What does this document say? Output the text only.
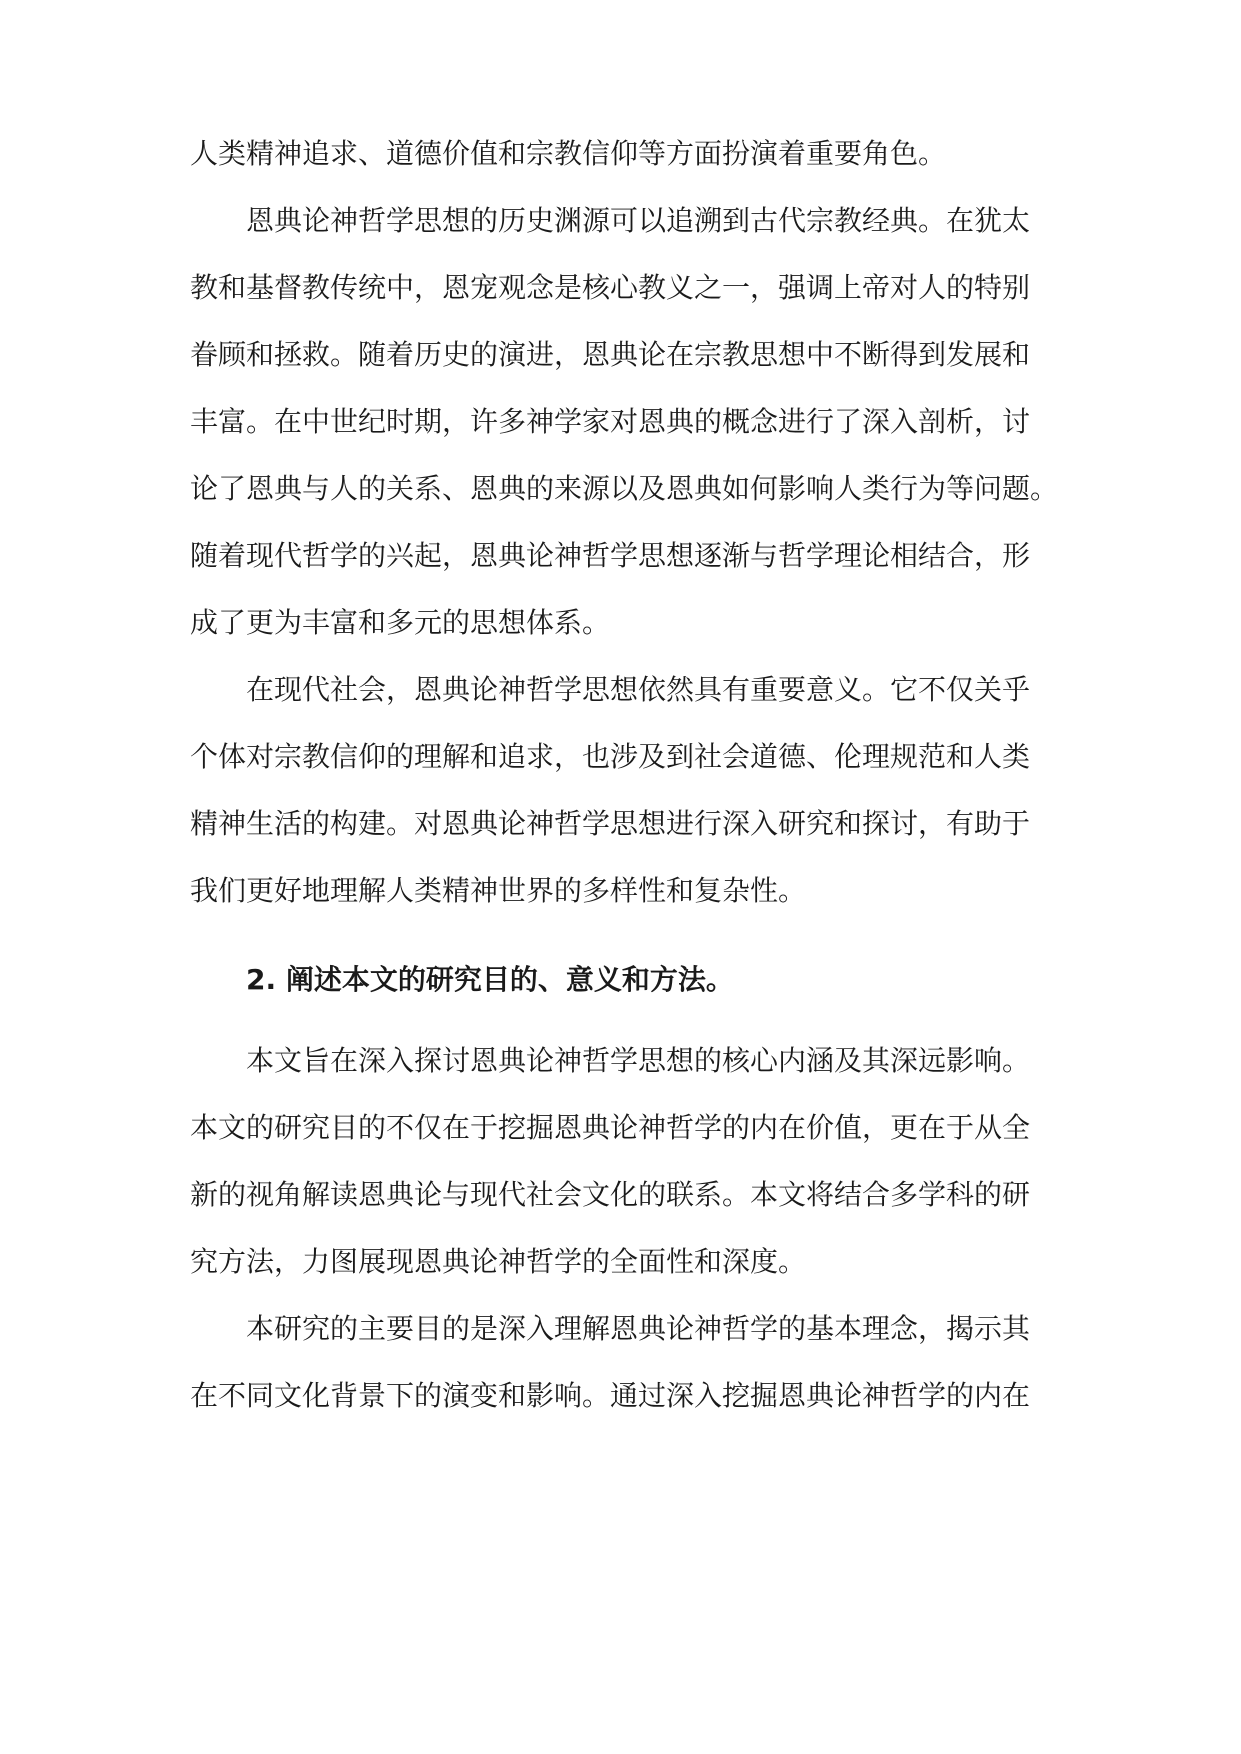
人类精神追求、道德价值和宗教信仰等方面扮演着重要角色。
恩典论神哲学思想的历史渊源可以追溯到古代宗教经典。在犹太
教和基督教传统中，恩宠观念是核心教义之一，强调上帝对人的特别
眷顾和拯救。随着历史的演进，恩典论在宗教思想中不断得到发展和
丰富。在中世纪时期，许多神学家对恩典的概念进行了深入剖析，讨
论了恩典与人的关系、恩典的来源以及恩典如何影响人类行为等问题。
随着现代哲学的兴起，恩典论神哲学思想逐渐与哲学理论相结合，形
成了更为丰富和多元的思想体系。
在现代社会，恩典论神哲学思想依然具有重要意义。它不仅关乎
个体对宗教信仰的理解和追求，也涉及到社会道德、伦理规范和人类
精神生活的构建。对恩典论神哲学思想进行深入研究和探讨，有助于
我们更好地理解人类精神世界的多样性和复杂性。
2. 阐述本文的研究目的、意义和方法。
本文旨在深入探讨恩典论神哲学思想的核心内涵及其深远影响。
本文的研究目的不仅在于挖掘恩典论神哲学的内在价值，更在于从全
新的视角解读恩典论与现代社会文化的联系。本文将结合多学科的研
究方法，力图展现恩典论神哲学的全面性和深度。
本研究的主要目的是深入理解恩典论神哲学的基本理念，揭示其
在不同文化背景下的演变和影响。通过深入挖掘恩典论神哲学的内在
